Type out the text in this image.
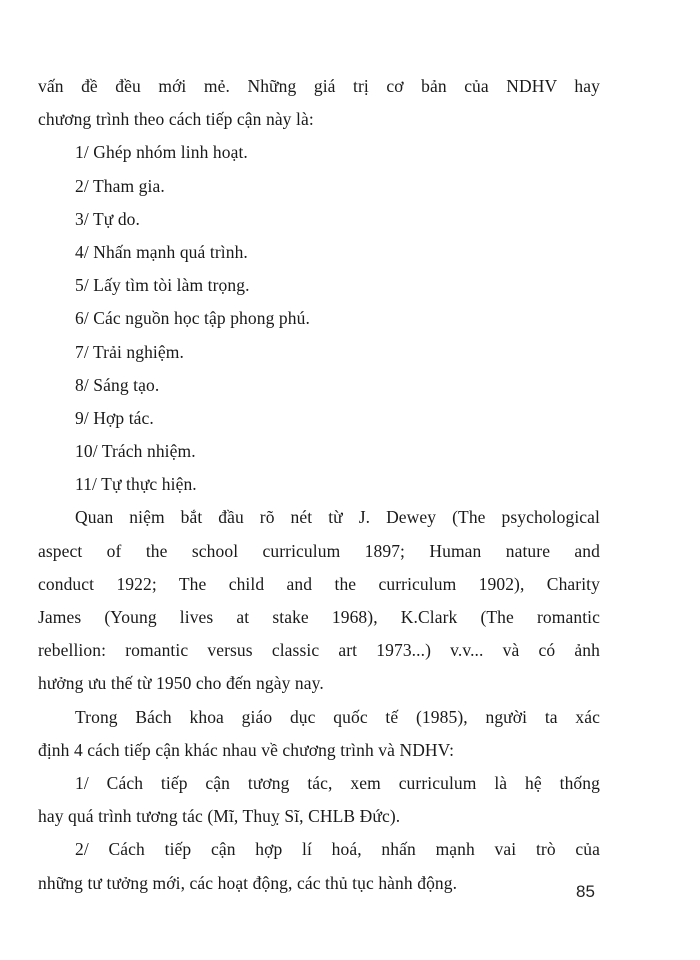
vấn đề đều mới mẻ. Những giá trị cơ bản của NDHV hay
chương trình theo cách tiếp cận này là:
1/ Ghép nhóm linh hoạt.
2/ Tham gia.
3/ Tự do.
4/ Nhấn mạnh quá trình.
5/ Lấy tìm tòi làm trọng.
6/ Các nguồn học tập phong phú.
7/ Trải nghiệm.
8/ Sáng tạo.
9/ Hợp tác.
10/ Trách nhiệm.
11/ Tự thực hiện.
Quan niệm bắt đầu rõ nét từ J. Dewey (The psychological
aspect of the school curriculum 1897; Human nature and
conduct 1922; The child and the curriculum 1902), Charity
James (Young lives at stake 1968), K.Clark (The romantic
rebellion: romantic versus classic art 1973...) v.v... và có ảnh
hưởng ưu thế từ 1950 cho đến ngày nay.
Trong Bách khoa giáo dục quốc tế (1985), người ta xác
định 4 cách tiếp cận khác nhau về chương trình và NDHV:
1/ Cách tiếp cận tương tác, xem curriculum là hệ thống
hay quá trình tương tác (Mĩ, Thuỵ Sĩ, CHLB Đức).
2/ Cách tiếp cận hợp lí hoá, nhấn mạnh vai trò của
những tư tưởng mới, các hoạt động, các thủ tục hành động.	85
